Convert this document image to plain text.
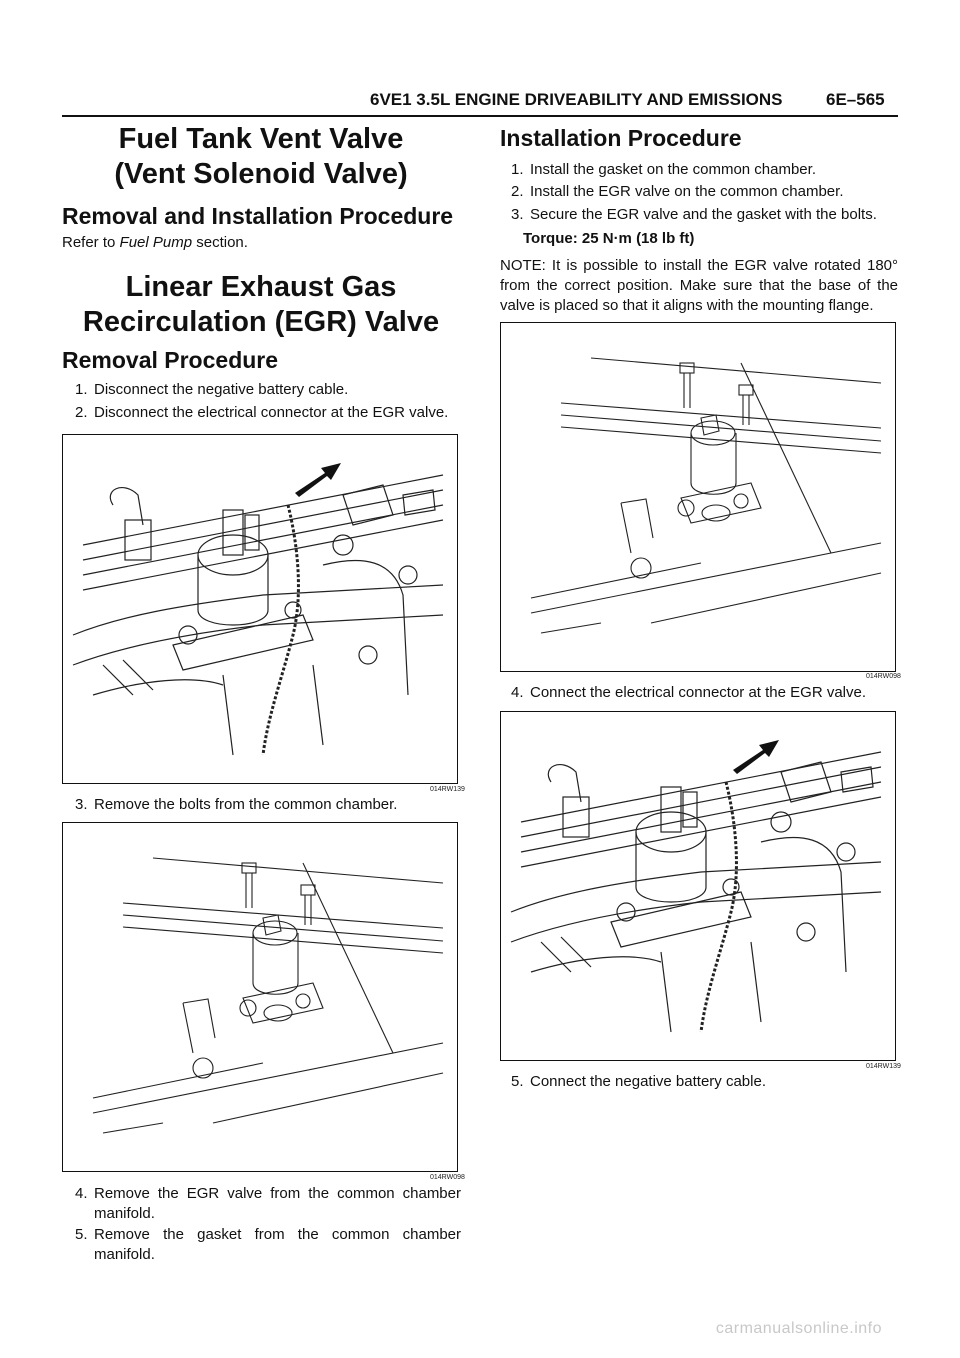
6VE1 3.5L ENGINE DRIVEABILITY AND EMISSIONS	6E–565
Fuel Tank Vent Valve
(Vent Solenoid Valve)
Removal and Installation Procedure
Refer to Fuel Pump section.
Linear Exhaust Gas
Recirculation (EGR) Valve
Removal Procedure
1. Disconnect the negative battery cable.
2. Disconnect the electrical connector at the EGR valve.
014RW139
3. Remove the bolts from the common chamber.
014RW098
4. Remove the EGR valve from the common chamber manifold.
5. Remove the gasket from the common chamber manifold.
Installation Procedure
1. Install the gasket on the common chamber.
2. Install the EGR valve on the common chamber.
3. Secure the EGR valve and the gasket with the bolts.
Torque: 25 N·m (18 lb ft)
NOTE: It is possible to install the EGR valve rotated 180° from the correct position. Make sure that the base of the valve is placed so that it aligns with the mounting flange.
014RW098
4. Connect the electrical connector at the EGR valve.
014RW139
5. Connect the negative battery cable.
carmanualsonline.info
